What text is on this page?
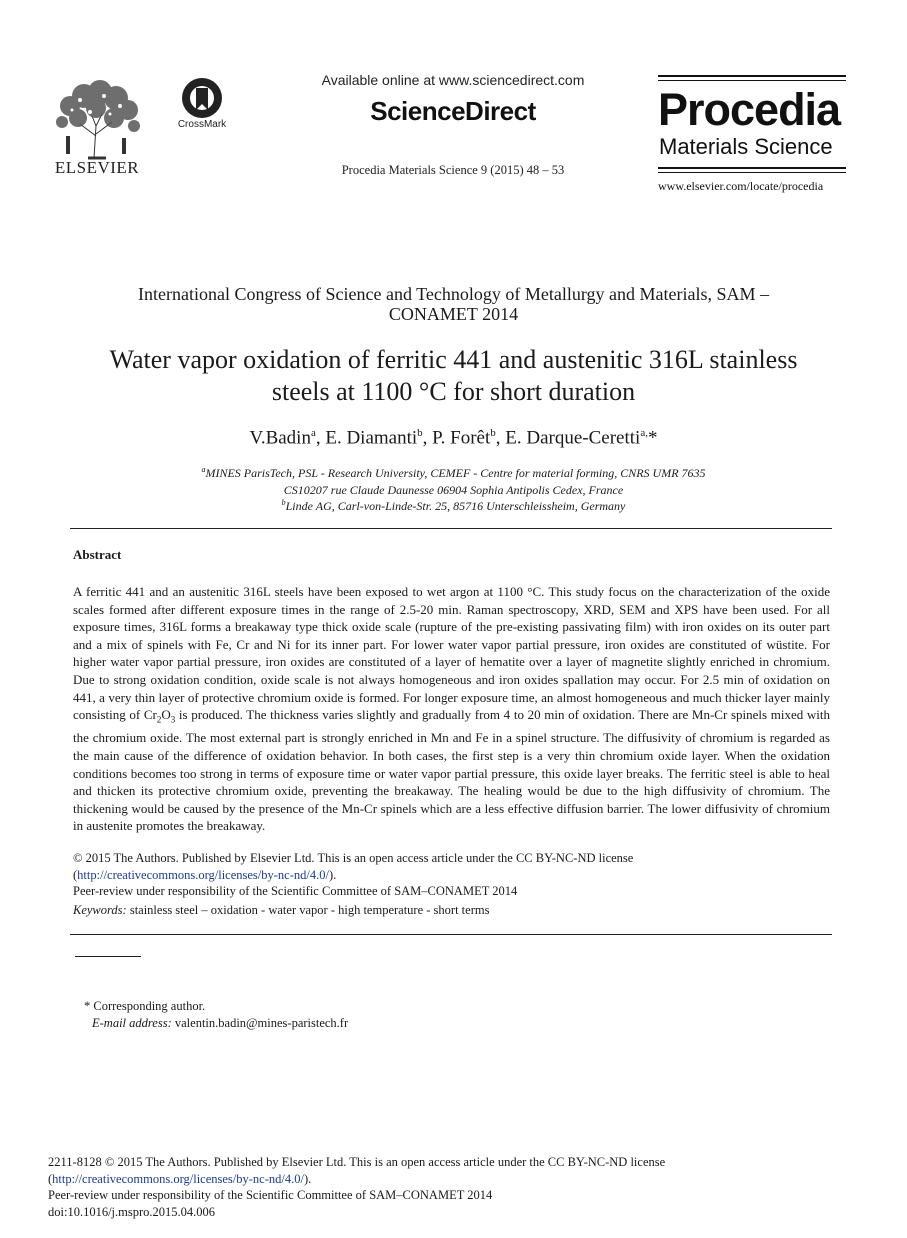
ELSEVIER
CrossMark
Available online at www.sciencedirect.com
ScienceDirect
Procedia Materials Science 9 (2015) 48 – 53
Procedia
Materials Science
www.elsevier.com/locate/procedia
International Congress of Science and Technology of Metallurgy and Materials, SAM –
CONAMET 2014
Water vapor oxidation of ferritic 441 and austenitic 316L stainless
steels at 1100 °C for short duration
V.Badin$^a$, E. Diamanti$^b$, P. Forêt$^b$, E. Darque-Ceretti$^{a,}$*
$^a$MINES ParisTech, PSL - Research University, CEMEF - Centre for material forming, CNRS UMR 7635
CS10207 rue Claude Daunesse 06904 Sophia Antipolis Cedex, France
$^b$Linde AG, Carl-von-Linde-Str. 25, 85716 Unterschleissheim, Germany
Abstract
A ferritic 441 and an austenitic 316L steels have been exposed to wet argon at 1100 °C. This study focus on the characterization of the oxide scales formed after different exposure times in the range of 2.5-20 min. Raman spectroscopy, XRD, SEM and XPS have been used. For all exposure times, 316L forms a breakaway type thick oxide scale (rupture of the pre-existing passivating film) with iron oxides on its outer part and a mix of spinels with Fe, Cr and Ni for its inner part. For lower water vapor partial pressure, iron oxides are constituted of wüstite. For higher water vapor partial pressure, iron oxides are constituted of a layer of hematite over a layer of magnetite slightly enriched in chromium. Due to strong oxidation condition, oxide scale is not always homogeneous and iron oxides spallation may occur. For 2.5 min of oxidation on 441, a very thin layer of protective chromium oxide is formed. For longer exposure time, an almost homogeneous and much thicker layer mainly consisting of $Cr_2O_3$ is produced. The thickness varies slightly and gradually from 4 to 20 min of oxidation. There are Mn-Cr spinels mixed with the chromium oxide. The most external part is strongly enriched in Mn and Fe in a spinel structure. The diffusivity of chromium is regarded as the main cause of the difference of oxidation behavior. In both cases, the first step is a very thin chromium oxide layer. When the oxidation conditions becomes too strong in terms of exposure time or water vapor partial pressure, this oxide layer breaks. The ferritic steel is able to heal and thicken its protective chromium oxide, preventing the breakaway. The healing would be due to the high diffusivity of chromium. The thickening would be caused by the presence of the Mn-Cr spinels which are a less effective diffusion barrier. The lower diffusivity of chromium in austenite promotes the breakaway.
© 2015 The Authors. Published by Elsevier Ltd. This is an open access article under the CC BY-NC-ND license
(http://creativecommons.org/licenses/by-nc-nd/4.0/).
Peer-review under responsibility of the Scientific Committee of SAM–CONAMET 2014
Keywords: stainless steel – oxidation - water vapor - high temperature - short terms
* Corresponding author.
E-mail address: valentin.badin@mines-paristech.fr
2211-8128 © 2015 The Authors. Published by Elsevier Ltd. This is an open access article under the CC BY-NC-ND license
(http://creativecommons.org/licenses/by-nc-nd/4.0/).
Peer-review under responsibility of the Scientific Committee of SAM–CONAMET 2014
doi:10.1016/j.mspro.2015.04.006
